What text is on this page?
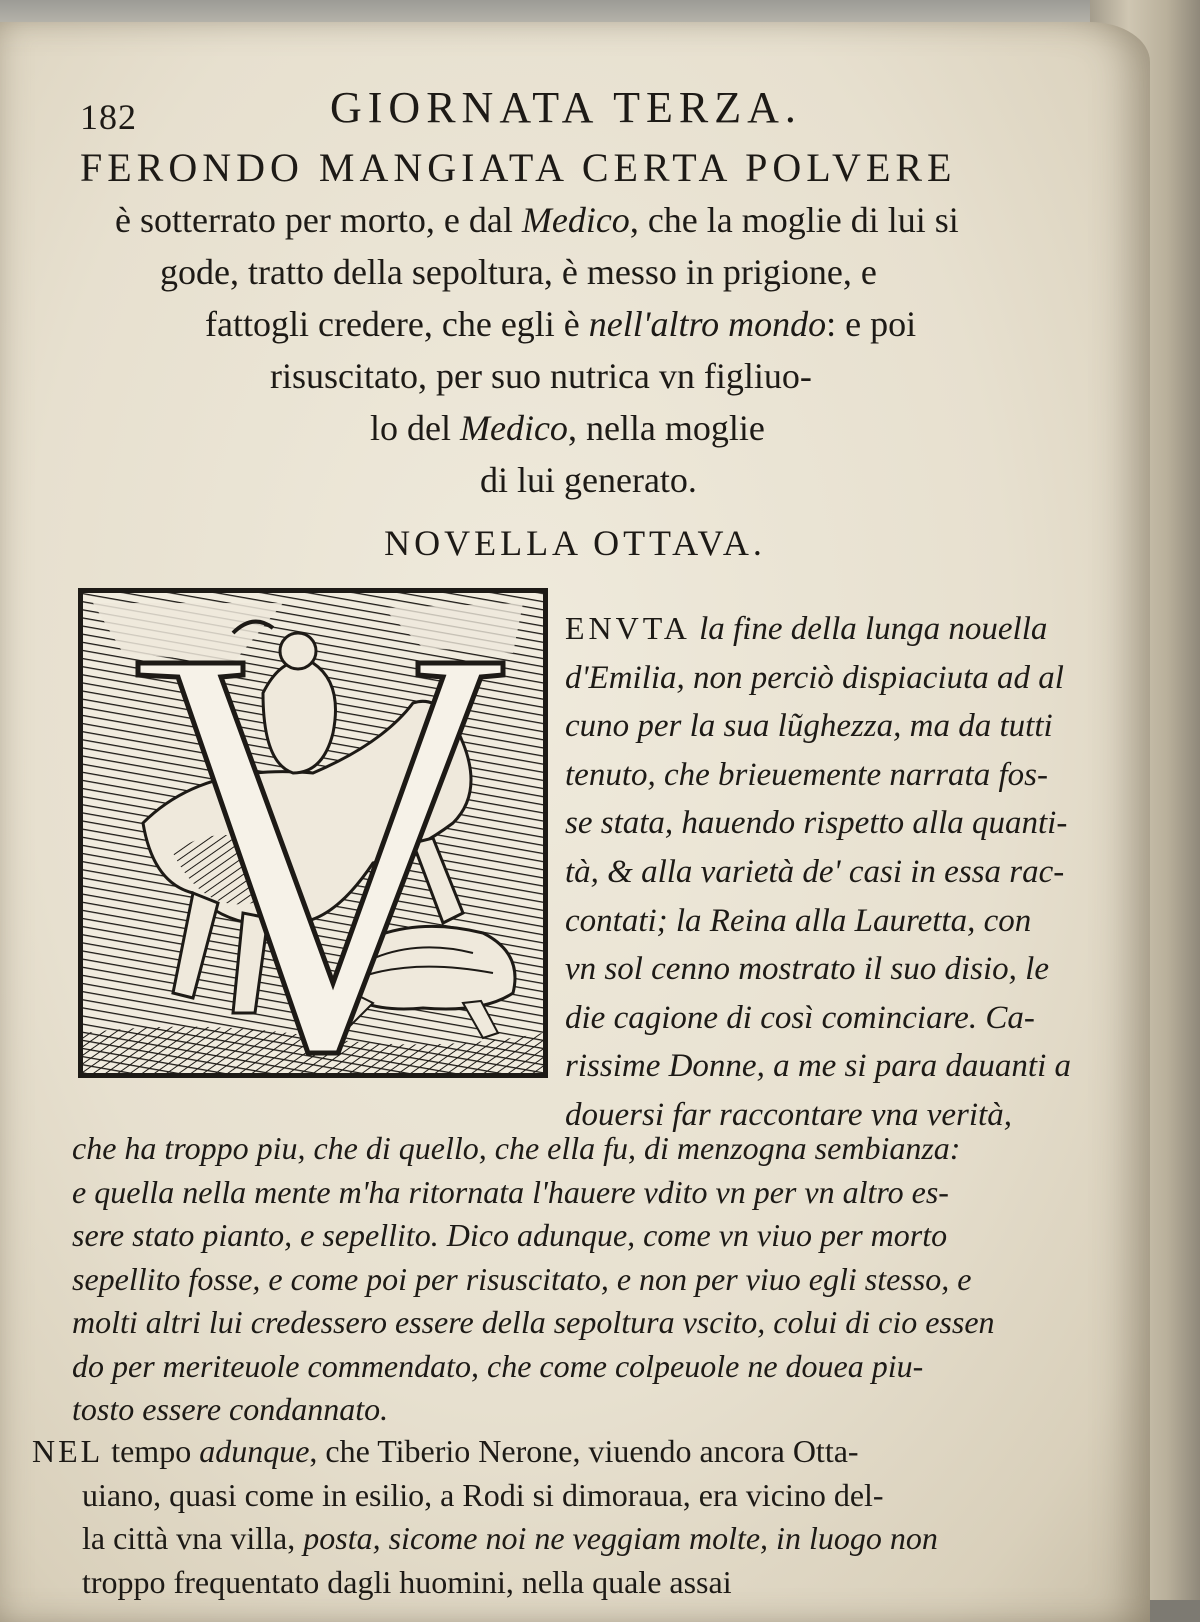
182	GIORNATA TERZA.
FERONDO MANGIATA CERTA POLVERE
è sotterrato per morto, e dal Medico, che la moglie di lui si
gode, tratto della sepoltura, è messo in prigione, e
fattogli credere, che egli è nell'altro mondo: e poi
risuscitato, per suo nutrica vn figliuo-
lo del Medico, nella moglie
di lui generato.
NOVELLA OTTAVA.
ENVTA la fine della lunga nouella
d'Emilia, non perciò dispiaciuta ad al
cuno per la sua lũghezza, ma da tutti
tenuto, che brieuemente narrata fos-
se stata, hauendo rispetto alla quanti-
tà, & alla varietà de' casi in essa rac-
contati; la Reina alla Lauretta, con
vn sol cenno mostrato il suo disio, le
die cagione di così cominciare. Ca-
rissime Donne, a me si para dauanti a
douersi far raccontare vna verità,
che ha troppo piu, che di quello, che ella fu, di menzogna sembianza:
e quella nella mente m'ha ritornata l'hauere vdito vn per vn altro es-
sere stato pianto, e sepellito. Dico adunque, come vn viuo per morto
sepellito fosse, e come poi per risuscitato, e non per viuo egli stesso, e
molti altri lui credessero essere della sepoltura vscito, colui di cio essen
do per meriteuole commendato, che come colpeuole ne douea piu-
tosto essere condannato.
NEL tempo adunque, che Tiberio Nerone, viuendo ancora Otta-
uiano, quasi come in esilio, a Rodi si dimoraua, era vicino del-
la città vna villa, posta, sicome noi ne veggiam molte, in luogo non
troppo frequentato dagli huomini, nella quale assai
